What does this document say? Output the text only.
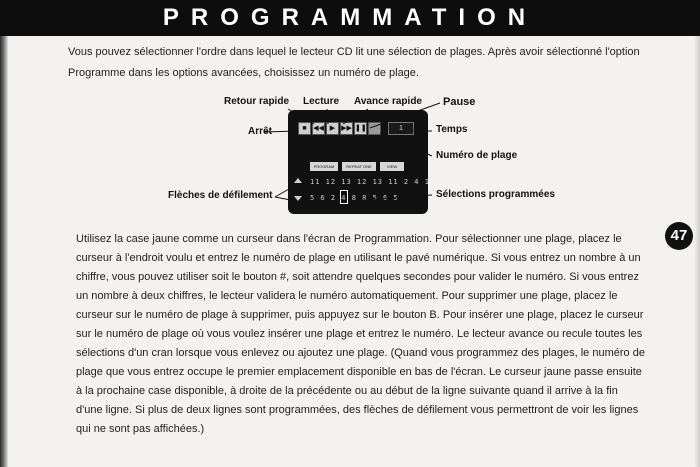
PROGRAMMATION

Vous pouvez sélectionner l'ordre dans lequel le lecteur CD lit une sélection de plages. Après avoir sélectionné l'option Programme dans les options avancées, choisissez un numéro de plage.

■ ◀◀ ▶ ▶▶ ❚❚	1
PROGRAM	REPEAT ONE	VIEW
11 12 13 12 13 11 2 4 1
5 6 2 4 8 8 5 6 5
Retour rapide Lecture Avance rapide Pause
Arrêt	Temps
Numéro de plage
Flèches de défilement	Sélections programmées
47

Utilisez la case jaune comme un curseur dans l'écran de Programmation. Pour sélectionner une plage, placez le curseur à l'endroit voulu et entrez le numéro de plage en utilisant le pavé numérique. Si vous entrez un nombre à un chiffre, vous pouvez utiliser soit le bouton #, soit attendre quelques secondes pour valider le numéro. Si vous entrez un nombre à deux chiffres, le lecteur validera le numéro automatiquement. Pour supprimer une plage, placez le curseur sur le numéro de plage à supprimer, puis appuyez sur le bouton B. Pour insérer une plage, placez le curseur sur le numéro de plage où vous voulez insérer une plage et entrez le numéro. Le lecteur avance ou recule toutes les sélections d'un cran lorsque vous enlevez ou ajoutez une plage. (Quand vous programmez des plages, le numéro de plage que vous entrez occupe le premier emplacement disponible en bas de l'écran. Le curseur jaune passe ensuite à la prochaine case disponible, à droite de la précédente ou au début de la ligne suivante quand il arrive à la fin d'une ligne. Si plus de deux lignes sont programmées, des flèches de défilement vous permettront de voir les lignes qui ne sont pas affichées.)
